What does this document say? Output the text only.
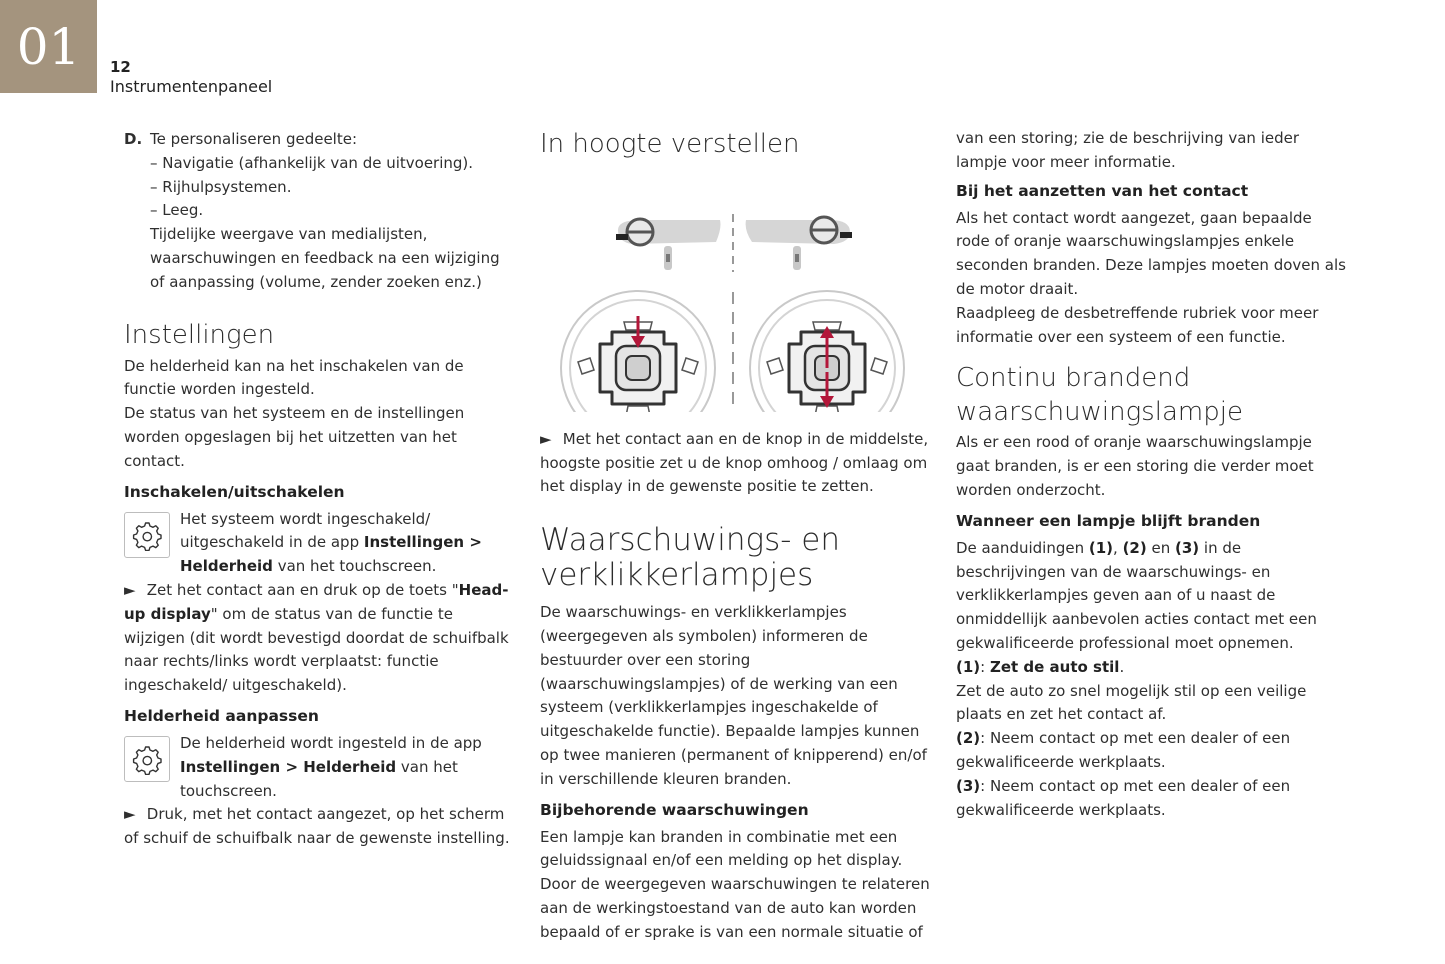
01 12
Instrumentenpaneel
D. Te personaliseren gedeelte:

– Navigatie (afhankelijk van de uitvoering).

– Rijhulpsystemen.

– Leeg.

Tijdelijke weergave van medialijsten, waarschuwingen en feedback na een wijziging of aanpassing (volume, zender zoeken enz.)

Instellingen

De helderheid kan na het inschakelen van de functie worden ingesteld.

De status van het systeem en de instellingen worden opgeslagen bij het uitzetten van het contact.

Inschakelen/uitschakelen
Het systeem wordt ingeschakeld/ uitgeschakeld in de app Instellingen >
Helderheid van het touchscreen.

► Zet het contact aan en druk op de toets "Head-up display" om de status van de functie te wijzigen (dit wordt bevestigd doordat de schuifbalk naar rechts/links wordt verplaatst: functie ingeschakeld/ uitgeschakeld).

Helderheid aanpassen
De helderheid wordt ingesteld in de app Instellingen > Helderheid van het touchscreen.

► Druk, met het contact aangezet, op het scherm of schuif de schuifbalk naar de gewenste instelling.

In hoogte verstellen

► Met het contact aan en de knop in de middelste, hoogste positie zet u de knop omhoog / omlaag om het display in de gewenste positie te zetten.

Waarschuwings- en verklikkerlampjes

De waarschuwings- en verklikkerlampjes (weergegeven als symbolen) informeren de bestuurder over een storing (waarschuwingslampjes) of de werking van een systeem (verklikkerlampjes ingeschakelde of uitgeschakelde functie). Bepaalde lampjes kunnen op twee manieren (permanent of knipperend) en/of in verschillende kleuren branden.

Bijbehorende waarschuwingen

Een lampje kan branden in combinatie met een geluidssignaal en/of een melding op het display. Door de weergegeven waarschuwingen te relateren aan de werkingstoestand van de auto kan worden bepaald of er sprake is van een normale situatie of

van een storing; zie de beschrijving van ieder lampje voor meer informatie.

Bij het aanzetten van het contact

Als het contact wordt aangezet, gaan bepaalde rode of oranje waarschuwingslampjes enkele seconden branden. Deze lampjes moeten doven als de motor draait.

Raadpleeg de desbetreffende rubriek voor meer informatie over een systeem of een functie.

Continu brandend waarschuwingslampje

Als er een rood of oranje waarschuwingslampje gaat branden, is er een storing die verder moet worden onderzocht.

Wanneer een lampje blijft branden

De aanduidingen (1), (2) en (3) in de beschrijvingen van de waarschuwings- en verklikkerlampjes geven aan of u naast de onmiddellijk aanbevolen acties contact met een gekwalificeerde professional moet opnemen.

(1): Zet de auto stil.

Zet de auto zo snel mogelijk stil op een veilige plaats en zet het contact af.

(2): Neem contact op met een dealer of een gekwalificeerde werkplaats.

(3): Neem contact op met een dealer of een gekwalificeerde werkplaats.
